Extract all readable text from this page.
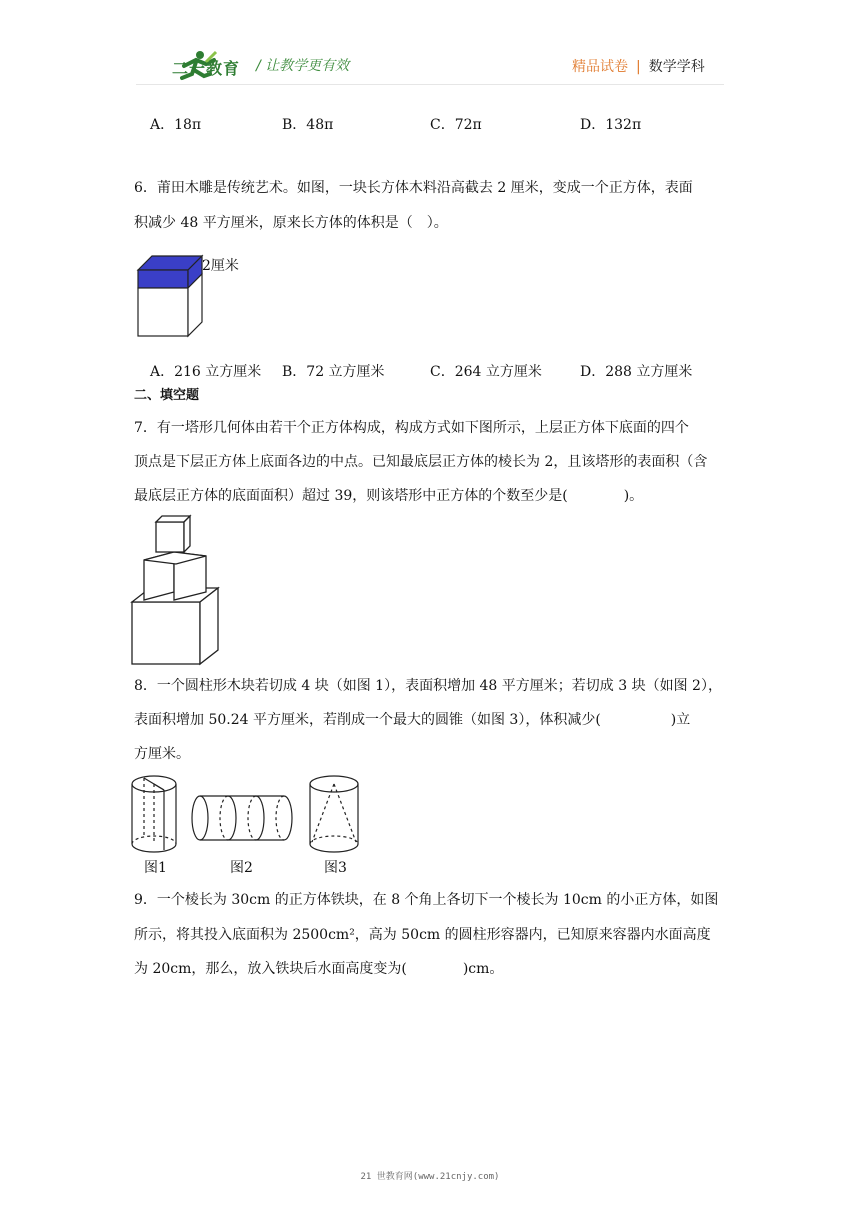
二一教育 / 让教学更有效	精品试卷 | 数学学科
A．18π	B．48π	C．72π	D．132π
6．莆田木雕是传统艺术。如图，一块长方体木料沿高截去 2 厘米，变成一个正方体，表面
积减少 48 平方厘米，原来长方体的体积是（　）。
2厘米
A．216 立方厘米 B．72 立方厘米	C．264 立方厘米	D．288 立方厘米
二、填空题
7．有一塔形几何体由若干个正方体构成，构成方式如下图所示，上层正方体下底面的四个
顶点是下层正方体上底面各边的中点。已知最底层正方体的棱长为 2，且该塔形的表面积（含
最底层正方体的底面面积）超过 39，则该塔形中正方体的个数至少是(　　　　)。
8．一个圆柱形木块若切成 4 块（如图 1），表面积增加 48 平方厘米；若切成 3 块（如图 2），
表面积增加 50.24 平方厘米，若削成一个最大的圆锥（如图 3），体积减少(　　　　　)立
方厘米。
图1	图2	图3
9．一个棱长为 30cm 的正方体铁块，在 8 个角上各切下一个棱长为 10cm 的小正方体，如图
所示，将其投入底面积为 2500cm²，高为 50cm 的圆柱形容器内，已知原来容器内水面高度
为 20cm，那么，放入铁块后水面高度变为(　　　　)cm。
21 世教育网(www.21cnjy.com)
